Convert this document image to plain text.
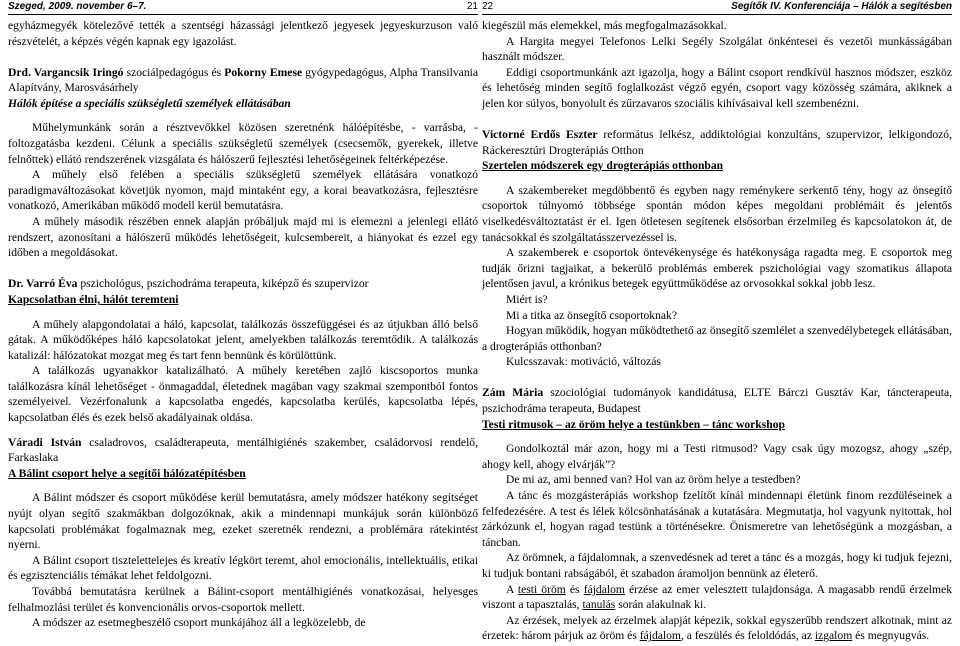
Szeged, 2009. november 6–7.	21

egyházmegyék kötelezővé tették a szentségi házassági jelentkező jegyesek jegyeskurzuson való részvételét, a képzés végén kapnak egy igazolást.

Drd. Vargancsik Iringó szociálpedagógus és Pokorny Emese gyógypedagógus, Alpha Transilvania Alapítvány, Marosvásárhely

Hálók építése a speciális szükségletű személyek ellátásában

Műhelymunkánk során a résztvevőkkel közösen szeretnénk hálóépítésbe, - varrásba, -foltozgatásba kezdeni. Célunk a speciális szükségletű személyek (csecsemők, gyerekek, illetve felnőttek) ellátó rendszerének vizsgálata és hálószerű fejlesztési lehetőségeinek feltérképezése.

A műhely első felében a speciális szükségletű személyek ellátására vonatkozó paradigmaváltozásokat követjük nyomon, majd mintaként egy, a korai beavatkozásra, fejlesztésre vonatkozó, Amerikában működő modell kerül bemutatásra.

A műhely második részében ennek alapján próbáljuk majd mi is elemezni a jelenlegi ellátó rendszert, azonosítani a hálószerű működés lehetőségeit, kulcsembereit, a hiányokat és ezzel egy időben a megoldásokat.

Dr. Varró Éva pszichológus, pszichodráma terapeuta, kiképző és szupervizor

Kapcsolatban élni, hálót teremteni

A műhely alapgondolatai a háló, kapcsolat, találkozás összefüggései és az útjukban álló belső gátak. A működőképes háló kapcsolatokat jelent, amelyekben találkozás teremtődik. A találkozás katalizál: hálózatokat mozgat meg és tart fenn bennünk és körülöttünk.

A találkozás ugyanakkor katalizálható. A műhely keretében zajló kiscsoportos munka találkozásra kínál lehetőséget - önmagaddal, életednek magában vagy szakmai szempontból fontos személyeivel. Vezérfonalunk a kapcsolatba engedés, kapcsolatba kerülés, kapcsolatba lépés, kapcsolatban élés és ezek belső akadályainak oldása.

Váradi István csaladrovos, családterapeuta, mentálhigiénés szakember, családorvosi rendelő, Farkaslaka

A Bálint csoport helye a segítői hálózatépítésben

A Bálint módszer és csoport működése kerül bemutatásra, amely módszer hatékony segítséget nyújt olyan segítő szakmákban dolgozóknak, akik a mindennapi munkájuk során különböző kapcsolati problémákat fogalmaznak meg, ezeket szeretnék rendezni, a problémára rátekintést nyerni.

A Bálint csoport tisztelettelejes és kreatív légkört teremt, ahol emocionális, intellektuális, etikai és egzisztenciális témákat lehet feldolgozni.

Továbbá bemutatásra kerülnek a Bálint-csoport mentálhigiénés vonatkozásai, helyesges felhalmozlási terület és konvencionális orvos-csoportok mellett.

A módszer az esetmegbeszélő csoport munkájához áll a legközelebb, de

22	Segítők IV. Konferenciája – Hálók a segítésben

kiegészül más elemekkel, más megfogalmazásokkal.

A Hargita megyei Telefonos Lelki Segély Szolgálat önkéntesei és vezetői munkásságában használt módszer.

Eddigi csoportmunkánk azt igazolja, hogy a Bálint csoport rendkívül hasznos módszer, eszköz és lehetőség minden segítő foglalkozást végző egyén, csoport vagy közösség számára, akiknek a jelen kor súlyos, bonyolult és zűrzavaros szociális kihívásaival kell szembenézni.

Victorné Erdős Eszter református lelkész, addiktológiai konzultáns, szupervizor, lelkigondozó, Ráckeresztúri Drogterápiás Otthon

Szertelen módszerek egy drogterápiás otthonban

A szakembereket megdöbbentő és egyben nagy reménykere serkentő tény, hogy az önsegítő csoportok túlnyomó többsége spontán módon képes megoldani problémáit és jelentős viselkedésváltoztatást ér el. Igen ötletesen segítenek elsősorban érzelmileg és kapcsolatokon át, de tanácsokkal és szolgáltatásszervezéssel is.

A szakemberek e csoportok öntevékenysége és hatékonysága ragadta meg. E csoportok meg tudják őrizni tagjaikat, a bekerülő problémás emberek pszichológiai vagy szomatikus állapota jelentősen javul, a krónikus betegek együttműködése az orvosokkal sokkal jobb lesz.

Miért is?

Mi a titka az önsegítő csoportoknak?

Hogyan működik, hogyan működtethető az önsegítő szemlélet a szenvedélybetegek ellátásában, a drogterápiás otthonban?

Kulcsszavak: motiváció, változás

Zám Mária szociológiai tudományok kandidátusa, ELTE Bárczi Gusztáv Kar, táncterapeuta, pszichodráma terapeuta, Budapest

Testi ritmusok – az öröm helye a testünkben – tánc workshop

Gondolkoztál már azon, hogy mi a Testi ritmusod? Vagy csak úgy mozogsz, ahogy „szép, ahogy kell, ahogy elvárják”?

De mi az, ami benned van? Hol van az öröm helye a testedben?

A tánc és mozgásterápiás workshop fzelítőt kínál mindennapi életünk finom rezdüléseinek a felfedezésére. A test és lélek kölcsönhatásának a kutatására. Megmutatja, hol vagyunk nyitottak, hol zárkózunk el, hogyan ragad testünk a történésekre. Önismeretre van lehetőségünk a mozgásban, a táncban.

Az örömnek, a fájdalomnak, a szenvedésnek ad teret a tánc és a mozgás, hogy ki tudjuk fejezni, ki tudjuk bontani rabságából, ét szabadon áramoljon bennünk az életerő.

A testi öröm és fájdalom érzése az emer velesztett tulajdonsága. A magasabb rendű érzelmek viszont a tapasztalás, tanulás során alakulnak ki.

Az érzések, melyek az érzelmek alapját képezik, sokkal egyszerűbb rendszert alkotnak, mint az érzetek: három párjuk az öröm és fájdalom, a feszülés és feloldódás, az izgalom és megnyugvás.
